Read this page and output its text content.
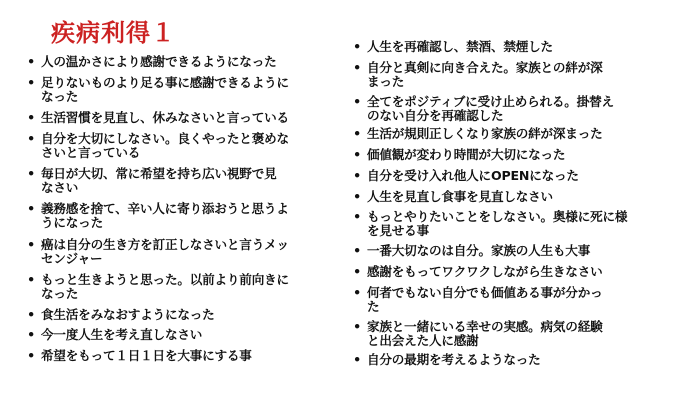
疾病利得１
• 人の温かさにより感謝できるようになった
• 足りないものより足る事に感謝できるように
なった
• 生活習慣を見直し、休みなさいと言っている
• 自分を大切にしなさい。良くやったと褒めな
さいと言っている
• 毎日が大切、常に希望を持ち広い視野で見
なさい
• 義務感を捨て、辛い人に寄り添おうと思うよ
うになった
• 癌は自分の生き方を訂正しなさいと言うメッ
センジャー
• もっと生きようと思った。以前より前向きに
なった
• 食生活をみなおすようになった
• 今一度人生を考え直しなさい
• 希望をもって１日１日を大事にする事
• 人生を再確認し、禁酒、禁煙した
• 自分と真剣に向き合えた。家族との絆が深
まった
• 全てをポジティブに受け止められる。掛替え
のない自分を再確認した
• 生活が規則正しくなり家族の絆が深まった
• 価値観が変わり時間が大切になった
• 自分を受け入れ他人にOPENになった
• 人生を見直し食事を見直しなさい
• もっとやりたいことをしなさい。奥様に死に様
を見せる事
• 一番大切なのは自分。家族の人生も大事
• 感謝をもってワクワクしながら生きなさい
• 何者でもない自分でも価値ある事が分かっ
た
• 家族と一緒にいる幸せの実感。病気の経験
と出会えた人に感謝
• 自分の最期を考えるようなった
